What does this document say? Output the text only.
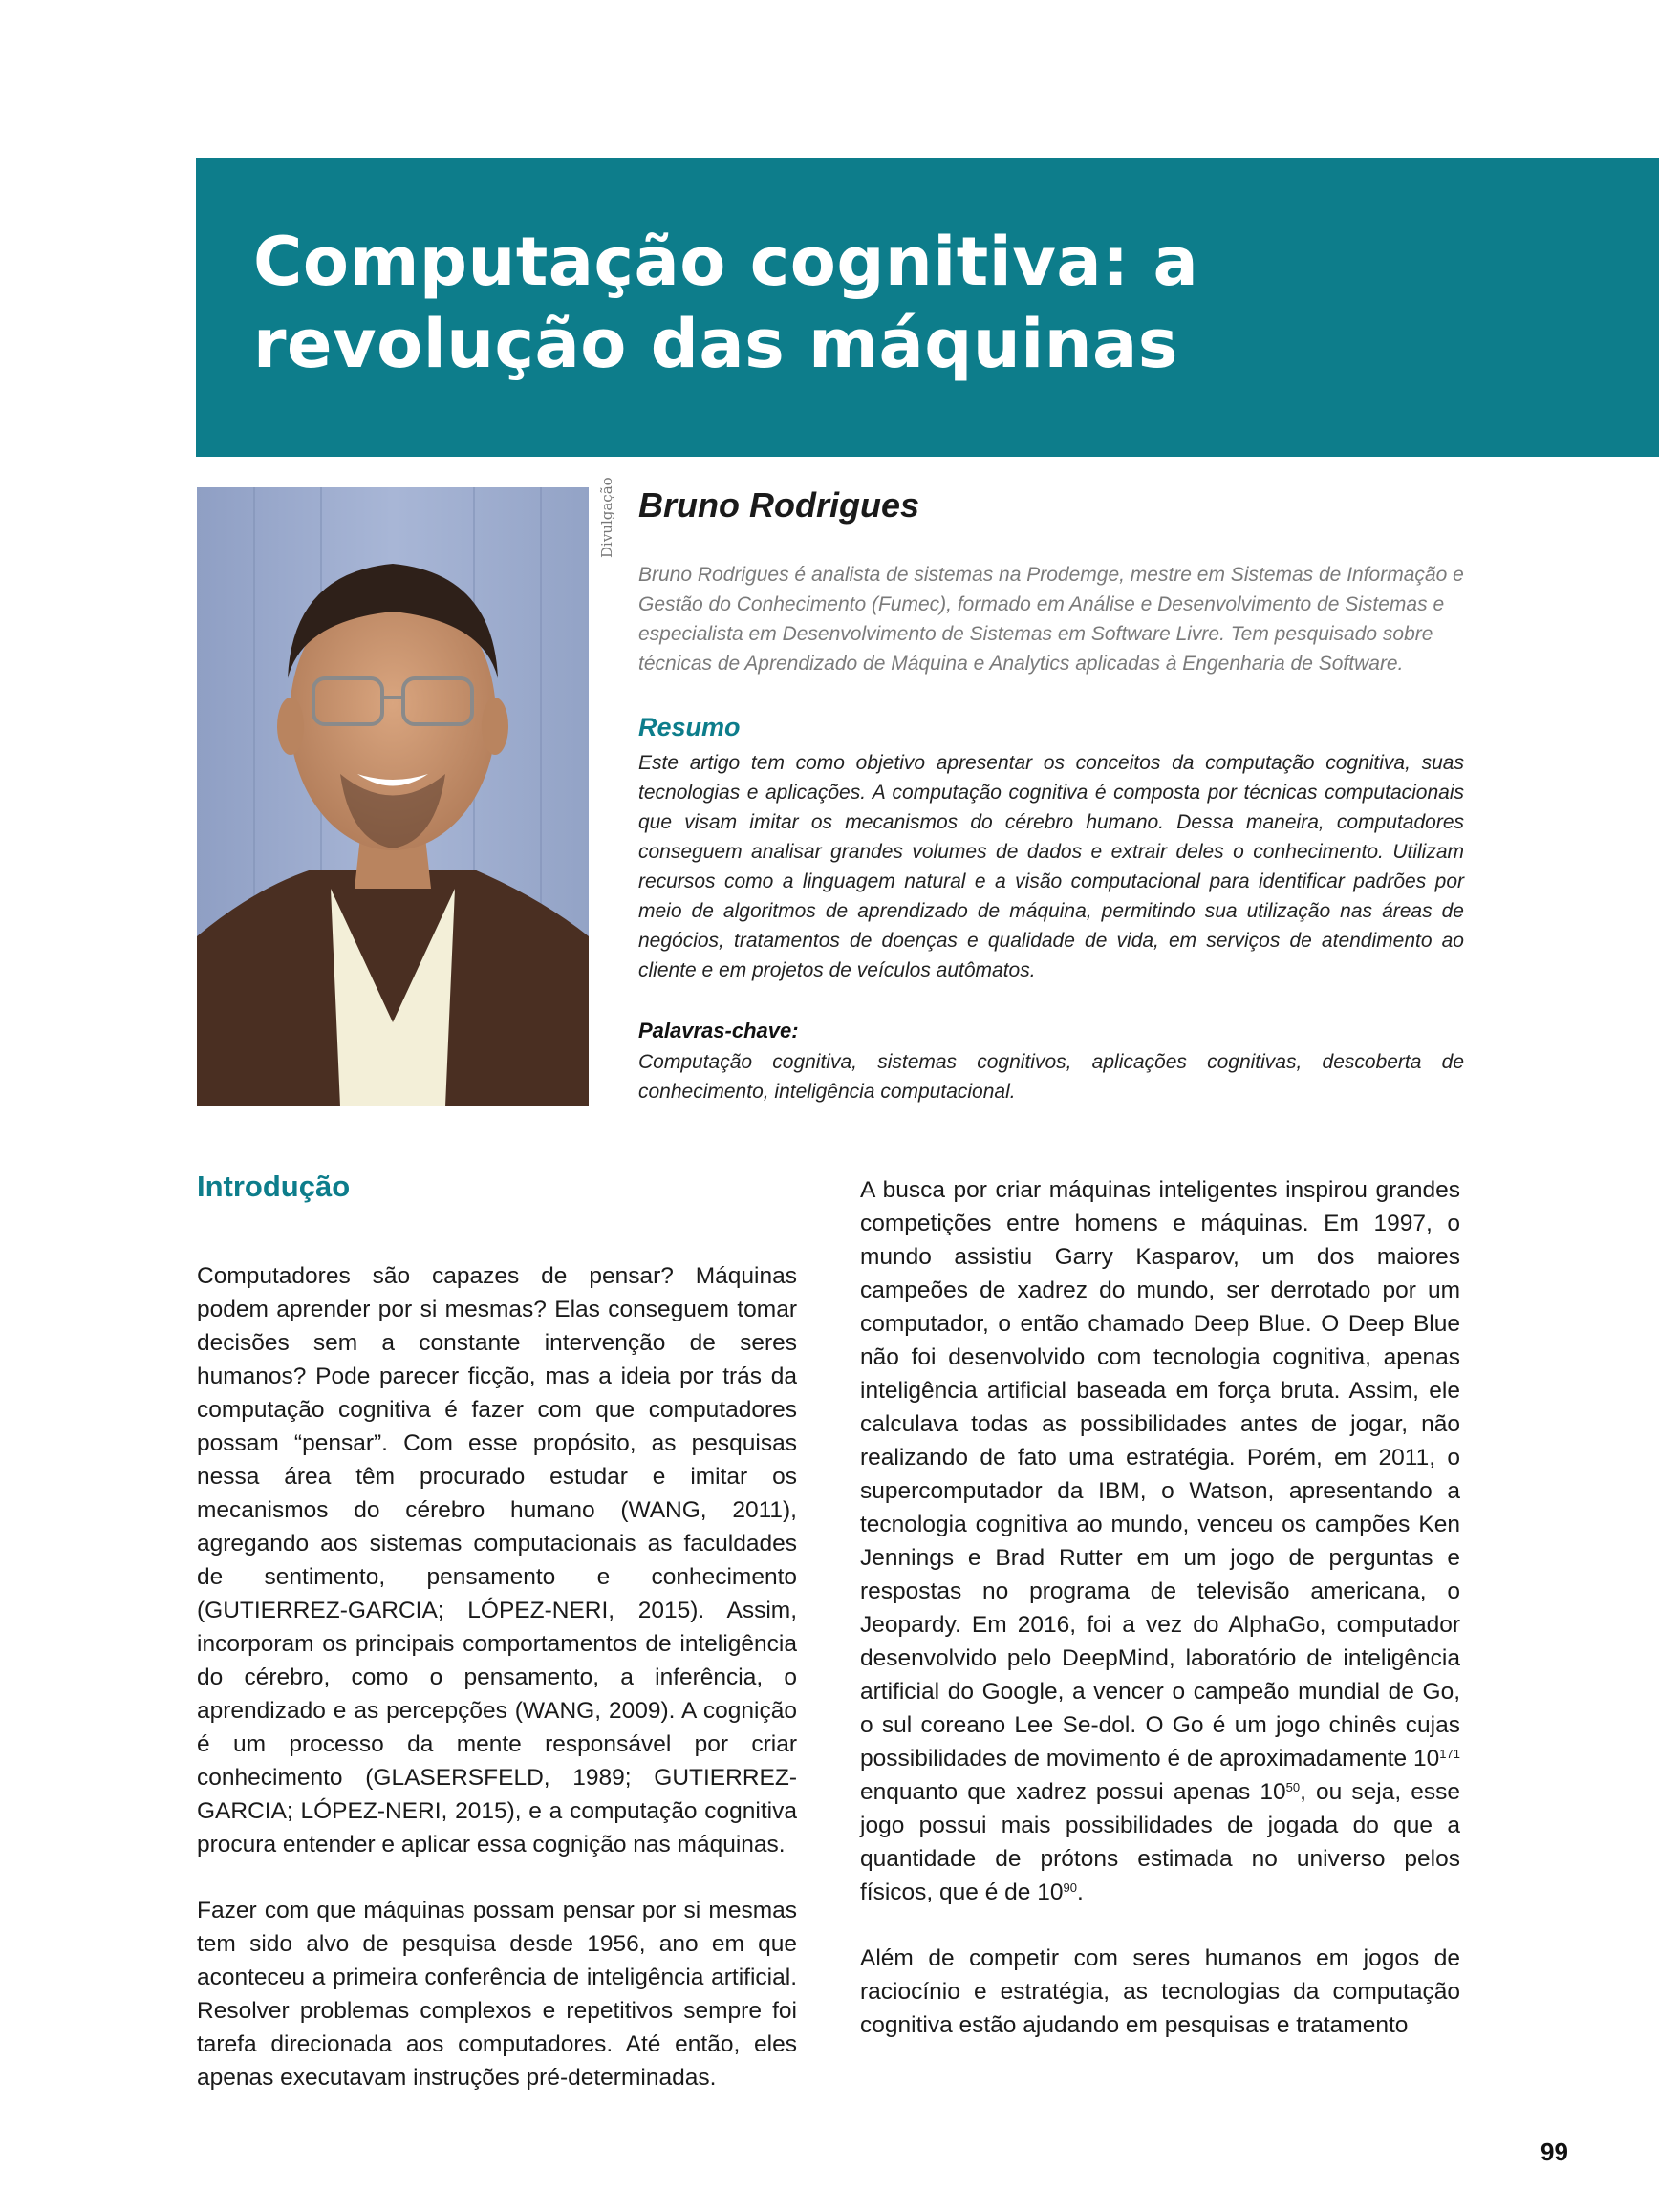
Computação cognitiva: a
revolução das máquinas
Divulgação Bruno Rodrigues

Bruno Rodrigues é analista de sistemas na Prodemge, mestre em Sistemas de Informação e Gestão do Conhecimento (Fumec), formado em Análise e Desenvolvimento de Sistemas e especialista em Desenvolvimento de Sistemas em Software Livre. Tem pesquisado sobre técnicas de Aprendizado de Máquina e Analytics aplicadas à Engenharia de Software.

Resumo

Este artigo tem como objetivo apresentar os conceitos da computação cognitiva, suas tecnologias e aplicações. A computação cognitiva é composta por técnicas computacionais que visam imitar os mecanismos do cérebro humano. Dessa maneira, computadores conseguem analisar grandes volumes de dados e extrair deles o conhecimento. Utilizam recursos como a linguagem natural e a visão computacional para identificar padrões por meio de algoritmos de aprendizado de máquina, permitindo sua utilização nas áreas de negócios, tratamentos de doenças e qualidade de vida, em serviços de atendimento ao cliente e em projetos de veículos autômatos.

Palavras-chave:

Computação cognitiva, sistemas cognitivos, aplicações cognitivas, descoberta de conhecimento, inteligência computacional.

Introdução

Computadores são capazes de pensar? Máquinas podem aprender por si mesmas? Elas conseguem tomar decisões sem a constante intervenção de seres humanos? Pode parecer ficção, mas a ideia por trás da computação cognitiva é fazer com que computadores possam “pensar”. Com esse propósito, as pesquisas nessa área têm procurado estudar e imitar os mecanismos do cérebro humano (WANG, 2011), agregando aos sistemas computacionais as faculdades de sentimento, pensamento e conhecimento (GUTIERREZ-GARCIA; LÓPEZ-NERI, 2015). Assim, incorporam os principais comportamentos de inteligência do cérebro, como o pensamento, a inferência, o aprendizado e as percepções (WANG, 2009). A cognição é um processo da mente responsável por criar conhecimento (GLASERSFELD, 1989; GUTIERREZ-GARCIA; LÓPEZ-NERI, 2015), e a computação cognitiva procura entender e aplicar essa cognição nas máquinas.

Fazer com que máquinas possam pensar por si mesmas tem sido alvo de pesquisa desde 1956, ano em que aconteceu a primeira conferência de inteligência artificial. Resolver problemas complexos e repetitivos sempre foi tarefa direcionada aos computadores. Até então, eles apenas executavam instruções pré-determinadas.

A busca por criar máquinas inteligentes inspirou grandes competições entre homens e máquinas. Em 1997, o mundo assistiu Garry Kasparov, um dos maiores campeões de xadrez do mundo, ser derrotado por um computador, o então chamado Deep Blue. O Deep Blue não foi desenvolvido com tecnologia cognitiva, apenas inteligência artificial baseada em força bruta. Assim, ele calculava todas as possibilidades antes de jogar, não realizando de fato uma estratégia. Porém, em 2011, o supercomputador da IBM, o Watson, apresentando a tecnologia cognitiva ao mundo, venceu os campões Ken Jennings e Brad Rutter em um jogo de perguntas e respostas no programa de televisão americana, o Jeopardy. Em 2016, foi a vez do AlphaGo, computador desenvolvido pelo DeepMind, laboratório de inteligência artificial do Google, a vencer o campeão mundial de Go, o sul coreano Lee Se-dol. O Go é um jogo chinês cujas possibilidades de movimento é de aproximadamente $10^{171}$ enquanto que xadrez possui apenas $10^{50}$, ou seja, esse jogo possui mais possibilidades de jogada do que a quantidade de prótons estimada no universo pelos físicos, que é de $10^{90}$.

Além de competir com seres humanos em jogos de raciocínio e estratégia, as tecnologias da computação cognitiva estão ajudando em pesquisas e tratamento

99
